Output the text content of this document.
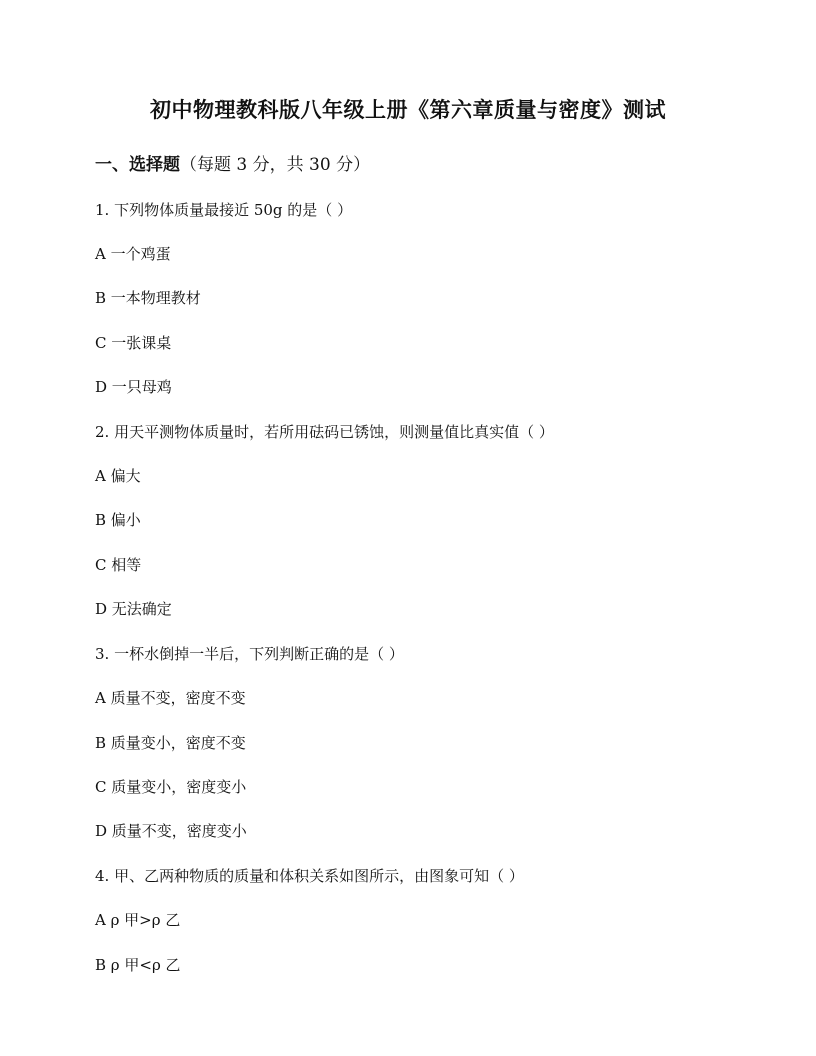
初中物理教科版八年级上册《第六章质量与密度》测试
一、选择题（每题 3 分，共 30 分）
1. 下列物体质量最接近 50g 的是（ ）
A 一个鸡蛋
B 一本物理教材
C 一张课桌
D 一只母鸡
2. 用天平测物体质量时，若所用砝码已锈蚀，则测量值比真实值（ ）
A 偏大
B 偏小
C 相等
D 无法确定
3. 一杯水倒掉一半后，下列判断正确的是（ ）
A 质量不变，密度不变
B 质量变小，密度不变
C 质量变小，密度变小
D 质量不变，密度变小
4. 甲、乙两种物质的质量和体积关系如图所示，由图象可知（ ）
A ρ 甲>ρ 乙
B ρ 甲<ρ 乙
